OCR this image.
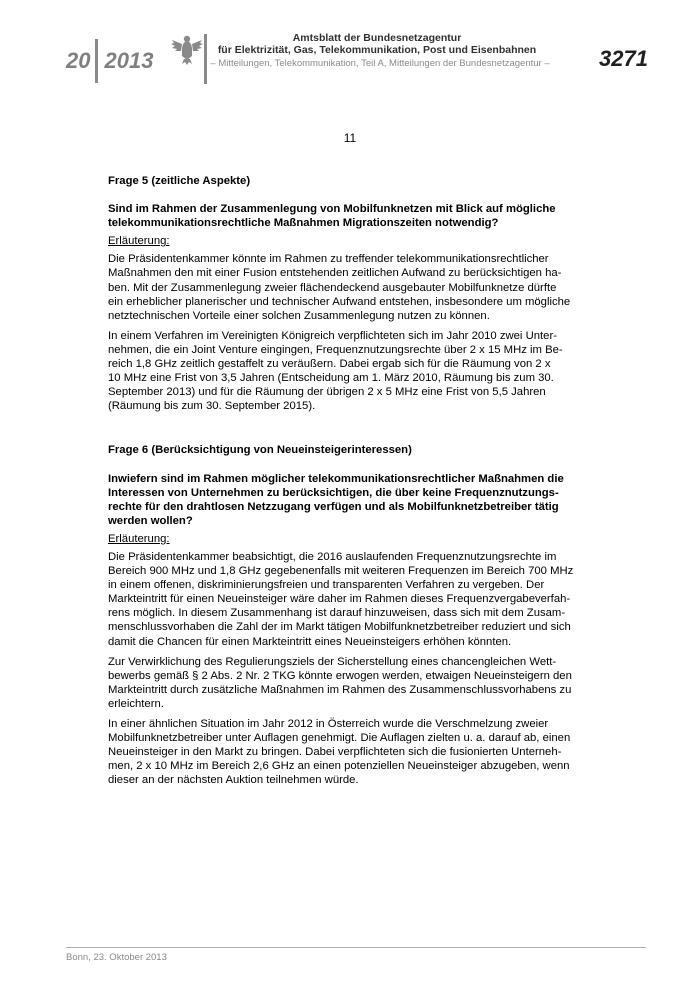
20 2013
Amtsblatt der Bundesnetzagentur
für Elektrizität, Gas, Telekommunikation, Post und Eisenbahnen
– Mitteilungen, Telekommunikation, Teil A, Mitteilungen der Bundesnetzagentur – 3271
11
Frage 5 (zeitliche Aspekte)
Sind im Rahmen der Zusammenlegung von Mobilfunknetzen mit Blick auf mögliche
telekommunikationsrechtliche Maßnahmen Migrationszeiten notwendig?
Erläuterung:

Die Präsidentenkammer könnte im Rahmen zu treffender telekommunikationsrechtlicher
Maßnahmen den mit einer Fusion entstehenden zeitlichen Aufwand zu berücksichtigen ha-
ben. Mit der Zusammenlegung zweier flächendeckend ausgebauter Mobilfunknetze dürfte
ein erheblicher planerischer und technischer Aufwand entstehen, insbesondere um mögliche
netztechnischen Vorteile einer solchen Zusammenlegung nutzen zu können.

In einem Verfahren im Vereinigten Königreich verpflichteten sich im Jahr 2010 zwei Unter-
nehmen, die ein Joint Venture eingingen, Frequenznutzungsrechte über 2 x 15 MHz im Be-
reich 1,8 GHz zeitlich gestaffelt zu veräußern. Dabei ergab sich für die Räumung von 2 x
10 MHz eine Frist von 3,5 Jahren (Entscheidung am 1. März 2010, Räumung bis zum 30.
September 2013) und für die Räumung der übrigen 2 x 5 MHz eine Frist von 5,5 Jahren
(Räumung bis zum 30. September 2015).

Frage 6 (Berücksichtigung von Neueinsteigerinteressen)
Inwiefern sind im Rahmen möglicher telekommunikationsrechtlicher Maßnahmen die
Interessen von Unternehmen zu berücksichtigen, die über keine Frequenznutzungs-
rechte für den drahtlosen Netzzugang verfügen und als Mobilfunknetzbetreiber tätig
werden wollen?
Erläuterung:

Die Präsidentenkammer beabsichtigt, die 2016 auslaufenden Frequenznutzungsrechte im
Bereich 900 MHz und 1,8 GHz gegebenenfalls mit weiteren Frequenzen im Bereich 700 MHz
in einem offenen, diskriminierungsfreien und transparenten Verfahren zu vergeben. Der
Markteintritt für einen Neueinsteiger wäre daher im Rahmen dieses Frequenzvergabeverfah-
rens möglich. In diesem Zusammenhang ist darauf hinzuweisen, dass sich mit dem Zusam-
menschlussvorhaben die Zahl der im Markt tätigen Mobilfunknetzbetreiber reduziert und sich
damit die Chancen für einen Markteintritt eines Neueinsteigers erhöhen könnten.

Zur Verwirklichung des Regulierungsziels der Sicherstellung eines chancengleichen Wett-
bewerbs gemäß § 2 Abs. 2 Nr. 2 TKG könnte erwogen werden, etwaigen Neueinsteigern den
Markteintritt durch zusätzliche Maßnahmen im Rahmen des Zusammenschlussvorhabens zu
erleichtern.

In einer ähnlichen Situation im Jahr 2012 in Österreich wurde die Verschmelzung zweier
Mobilfunknetzbetreiber unter Auflagen genehmigt. Die Auflagen zielten u. a. darauf ab, einen
Neueinsteiger in den Markt zu bringen. Dabei verpflichteten sich die fusionierten Unterneh-
men, 2 x 10 MHz im Bereich 2,6 GHz an einen potenziellen Neueinsteiger abzugeben, wenn
dieser an der nächsten Auktion teilnehmen würde.

Bonn, 23. Oktober 2013
